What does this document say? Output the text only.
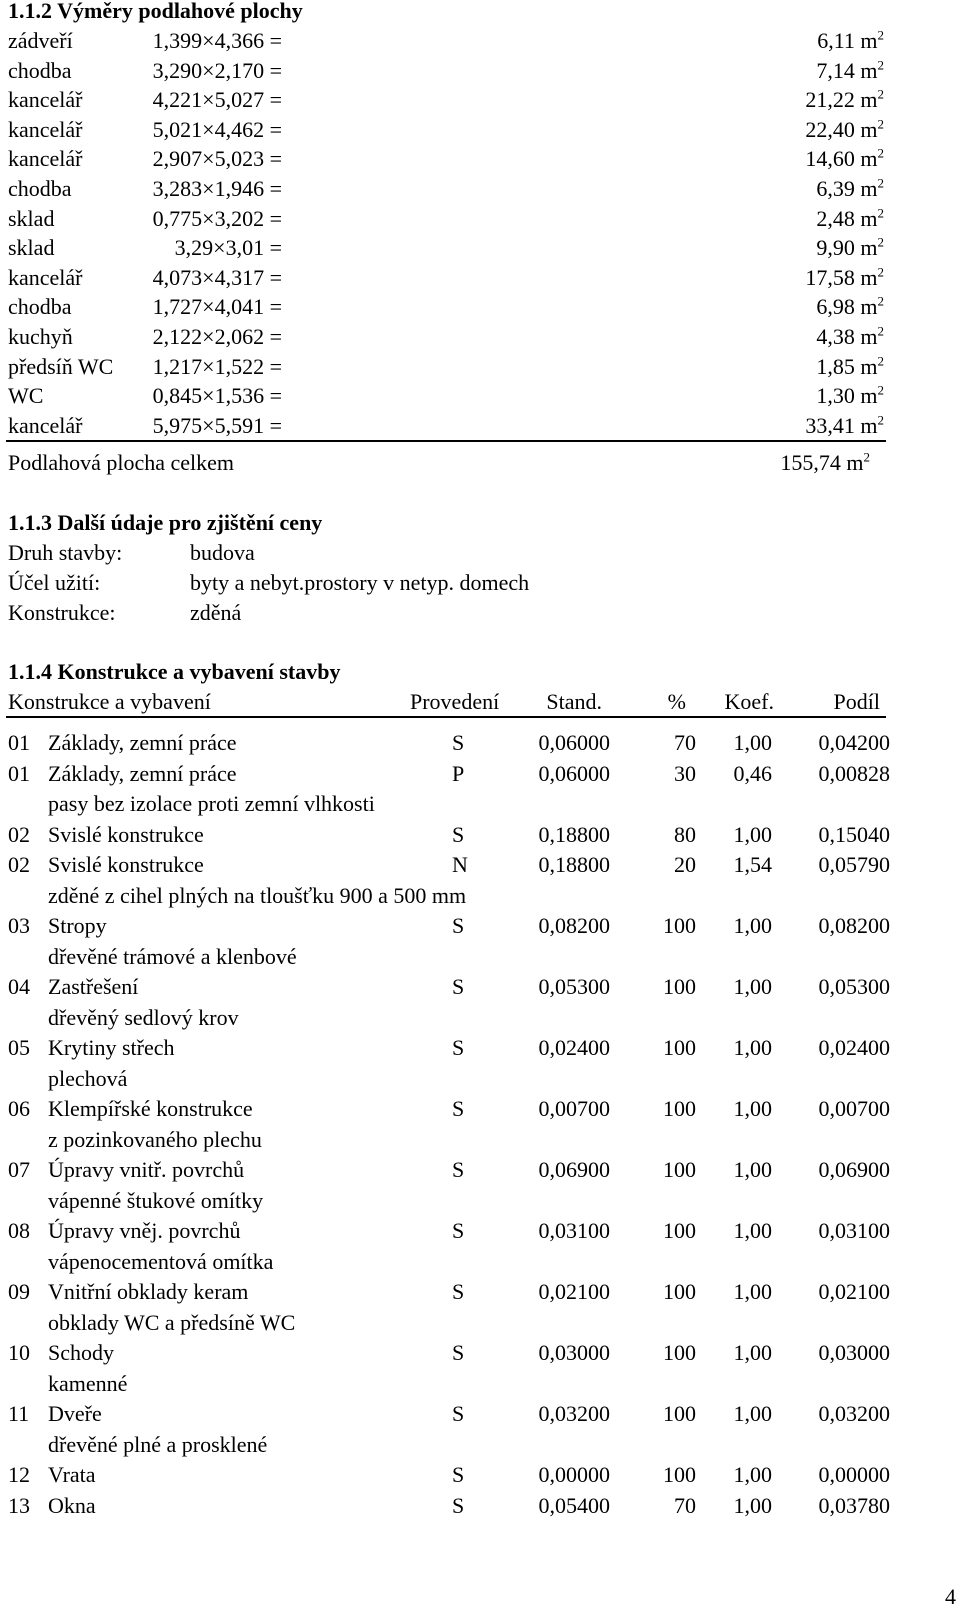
1.1.2 Výměry podlahové plochy
zádveří	1,399×4,366 =	6,11 $m^2$
chodba	3,290×2,170 =	7,14 $m^2$
kancelář	4,221×5,027 =	21,22 $m^2$
kancelář	5,021×4,462 =	22,40 $m^2$
kancelář	2,907×5,023 =	14,60 $m^2$
chodba	3,283×1,946 =	6,39 $m^2$
sklad	0,775×3,202 =	2,48 $m^2$
sklad	3,29×3,01 =	9,90 $m^2$
kancelář	4,073×4,317 =	17,58 $m^2$
chodba	1,727×4,041 =	6,98 $m^2$
kuchyň	2,122×2,062 =	4,38 $m^2$
předsíň WC 1,217×1,522 =	1,85 $m^2$
WC	0,845×1,536 =	1,30 $m^2$
kancelář	5,975×5,591 =	33,41 $m^2$
Podlahová plocha celkem	155,74 $m^2$
1.1.3 Další údaje pro zjištění ceny
Druh stavby:	budova
Účel užití:	byty a nebyt.prostory v netyp. domech
Konstrukce:	zděná
1.1.4 Konstrukce a vybavení stavby
Konstrukce a vybavení	Provedení Stand.	% Koef.	Podíl
01 Základy, zemní práce	S	0,06000	70 1,00 0,04200
01 Základy, zemní práce	P	0,06000	30 0,46 0,00828
pasy bez izolace proti zemní vlhkosti
02 Svislé konstrukce	S	0,18800	80 1,00 0,15040
02 Svislé konstrukce	N	0,18800	20 1,54 0,05790
zděné z cihel plných na tloušťku 900 a 500 mm
03 Stropy	S	0,08200 100 1,00 0,08200
dřevěné trámové a klenbové
04 Zastřešení	S	0,05300 100 1,00 0,05300
dřevěný sedlový krov
05 Krytiny střech	S	0,02400 100 1,00 0,02400
plechová
06 Klempířské konstrukce	S	0,00700 100 1,00 0,00700
z pozinkovaného plechu
07 Úpravy vnitř. povrchů	S	0,06900 100 1,00 0,06900
vápenné štukové omítky
08 Úpravy vněj. povrchů	S	0,03100 100 1,00 0,03100
vápenocementová omítka
09 Vnitřní obklady keram	S	0,02100 100 1,00 0,02100
obklady WC a předsíně WC
10 Schody	S	0,03000 100 1,00 0,03000
kamenné
11 Dveře	S	0,03200 100 1,00 0,03200
dřevěné plné a prosklené
12 Vrata	S	0,00000 100 1,00 0,00000
13 Okna	S	0,05400	70 1,00 0,03780
4
